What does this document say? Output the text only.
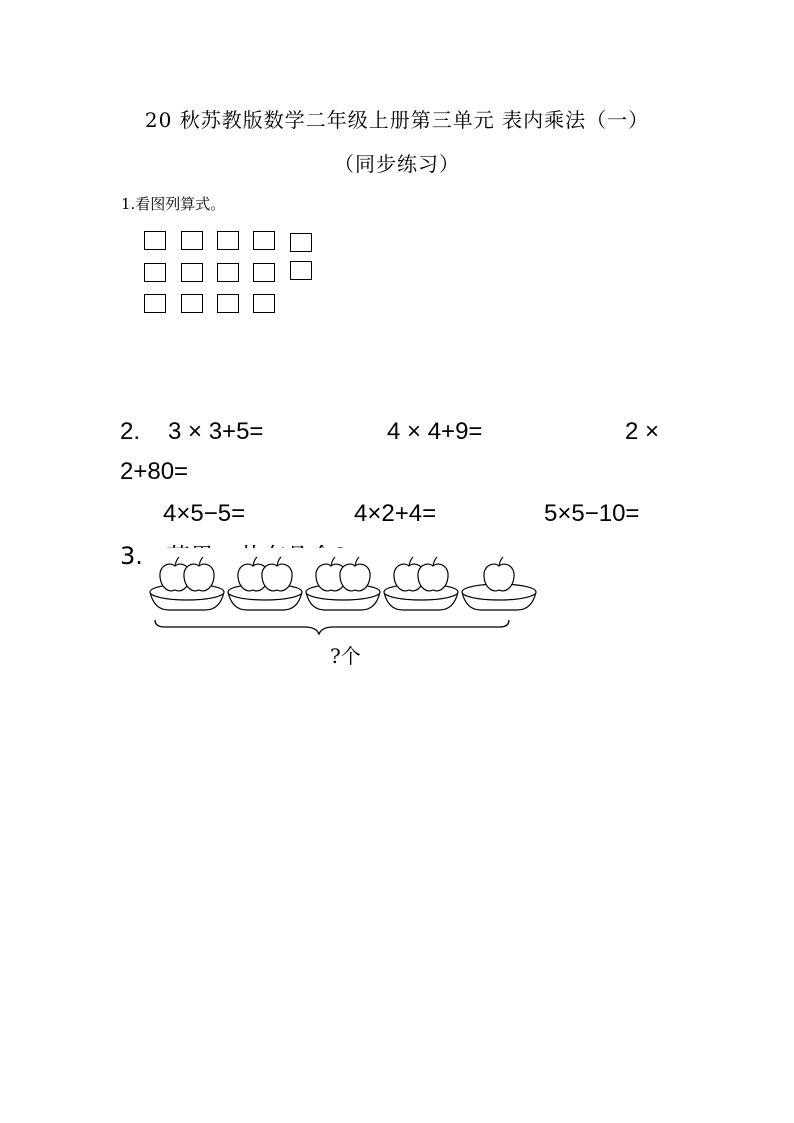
20 秋苏教版数学二年级上册第三单元 表内乘法（一）
（同步练习）
1.看图列算式。
2. 3 × 3+5=	4 × 4+9=	2 ×
2+80=
4×5−5=	4×2+4=	5×5−10=
3.
?个
